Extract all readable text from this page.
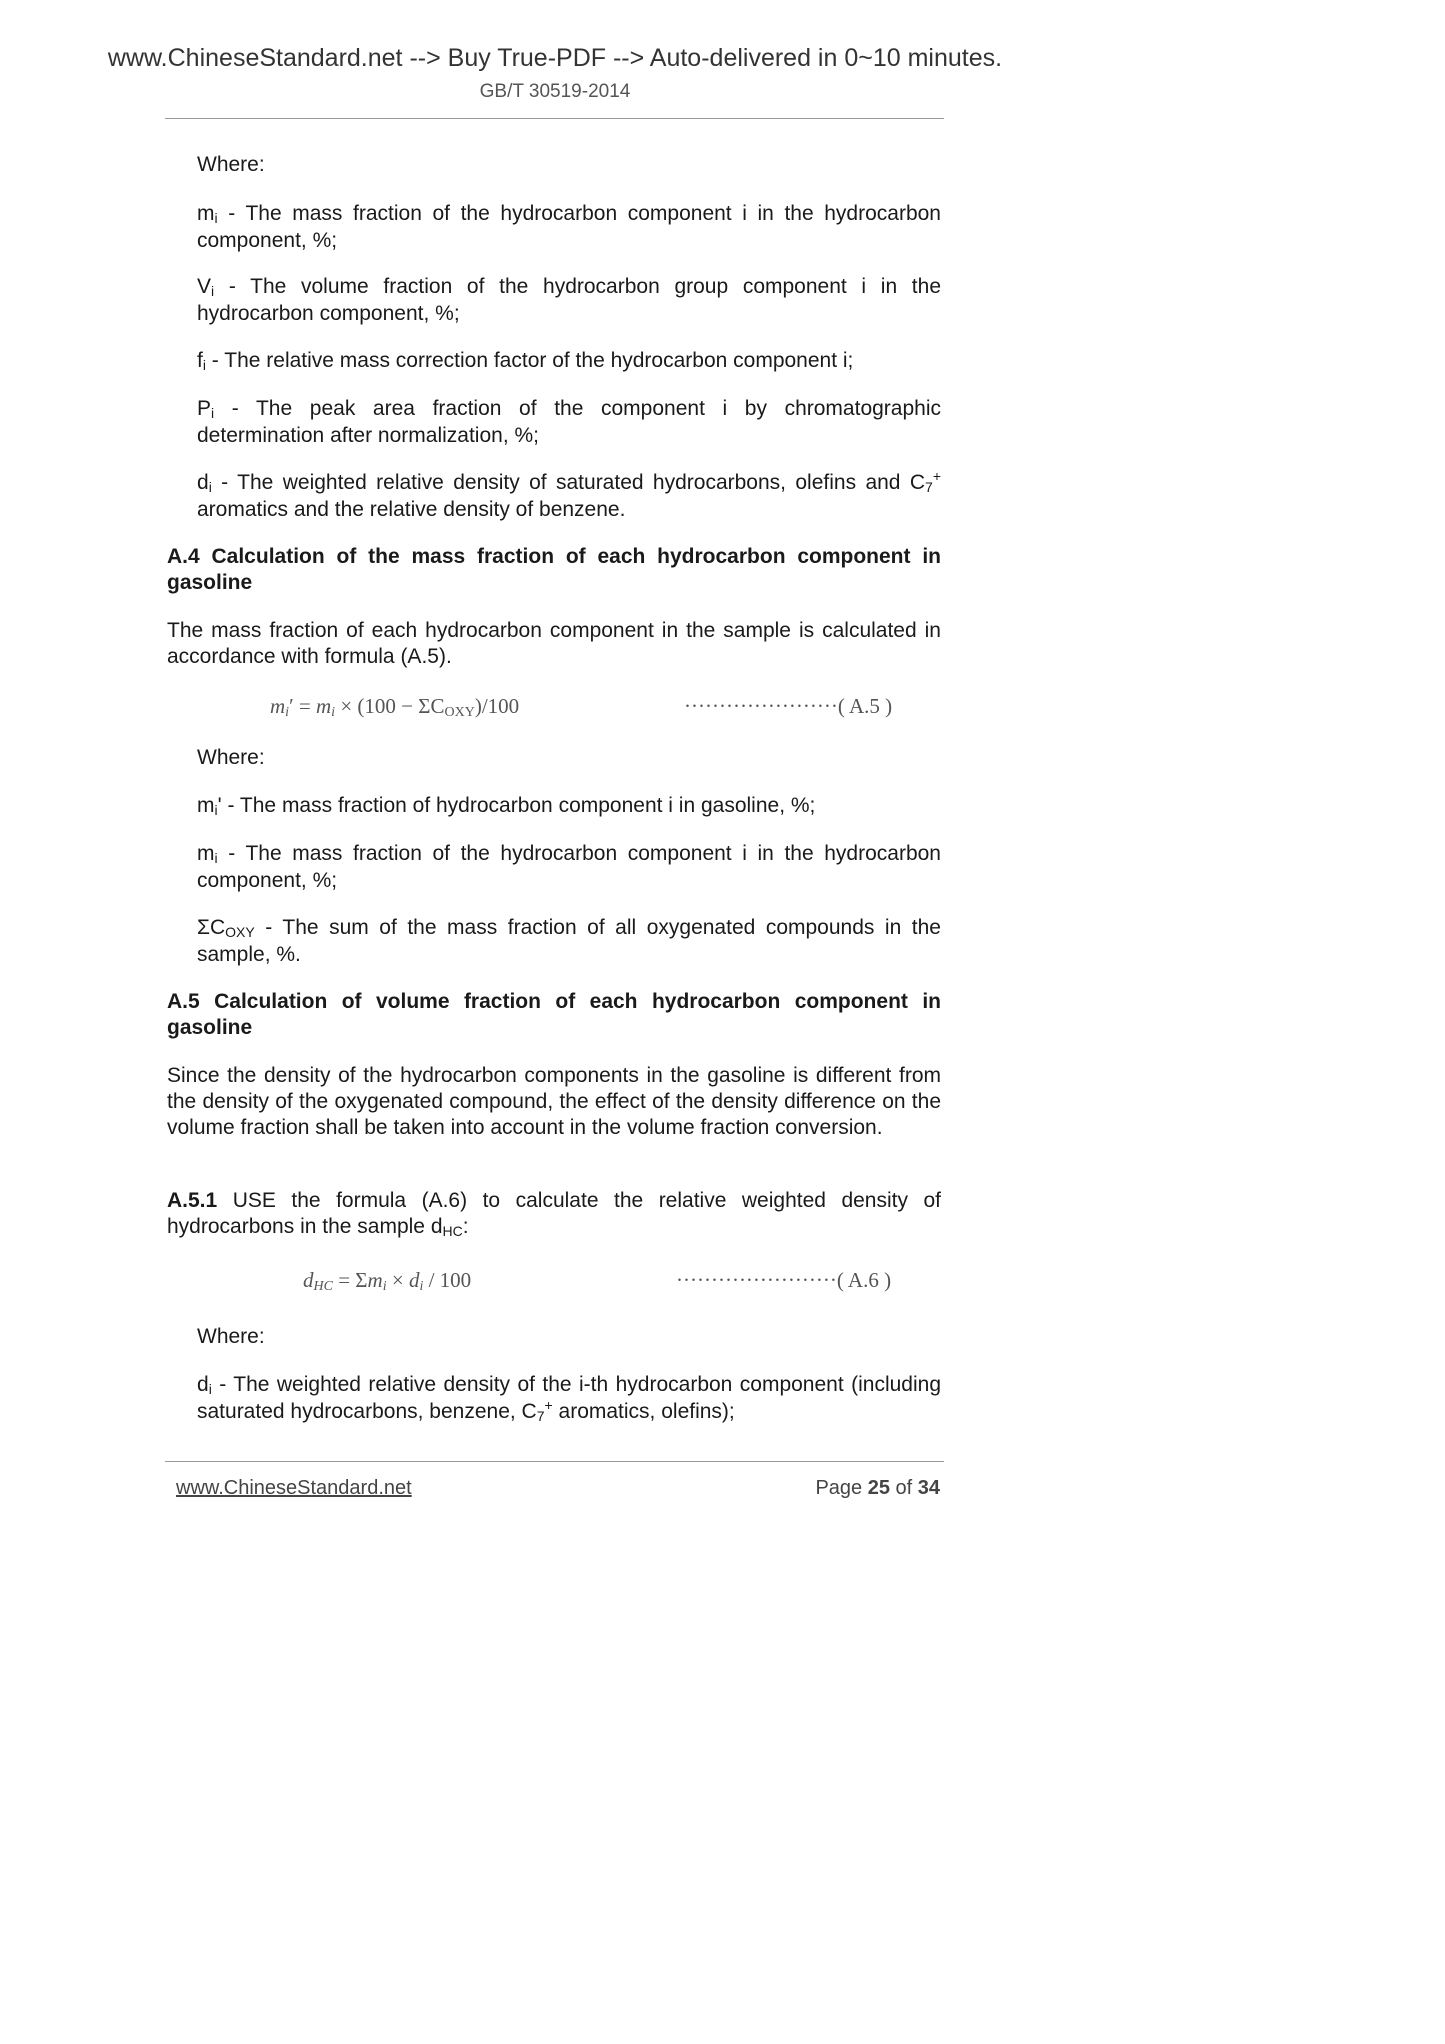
www.ChineseStandard.net --> Buy True-PDF --> Auto-delivered in 0~10 minutes.
GB/T 30519-2014

Where:

mi - The mass fraction of the hydrocarbon component i in the hydrocarbon component, %;

Vi - The volume fraction of the hydrocarbon group component i in the hydrocarbon component, %;

fi - The relative mass correction factor of the hydrocarbon component i;

Pi - The peak area fraction of the component i by chromatographic determination after normalization, %;

di - The weighted relative density of saturated hydrocarbons, olefins and C7+ aromatics and the relative density of benzene.

A.4 Calculation of the mass fraction of each hydrocarbon component in gasoline

The mass fraction of each hydrocarbon component in the sample is calculated in accordance with formula (A.5).

mi′ = mi × (100 − ΣCOXY)/100	······················( A.5 )

Where:

mi' - The mass fraction of hydrocarbon component i in gasoline, %;

mi - The mass fraction of the hydrocarbon component i in the hydrocarbon component, %;

ΣCOXY - The sum of the mass fraction of all oxygenated compounds in the sample, %.

A.5 Calculation of volume fraction of each hydrocarbon component in gasoline

Since the density of the hydrocarbon components in the gasoline is different from the density of the oxygenated compound, the effect of the density difference on the volume fraction shall be taken into account in the volume fraction conversion.

A.5.1 USE the formula (A.6) to calculate the relative weighted density of hydrocarbons in the sample dHC:

dHC = Σmi × di / 100	·······················( A.6 )

Where:

di - The weighted relative density of the i-th hydrocarbon component (including saturated hydrocarbons, benzene, C7+ aromatics, olefins);

www.ChineseStandard.net	Page 25 of 34
